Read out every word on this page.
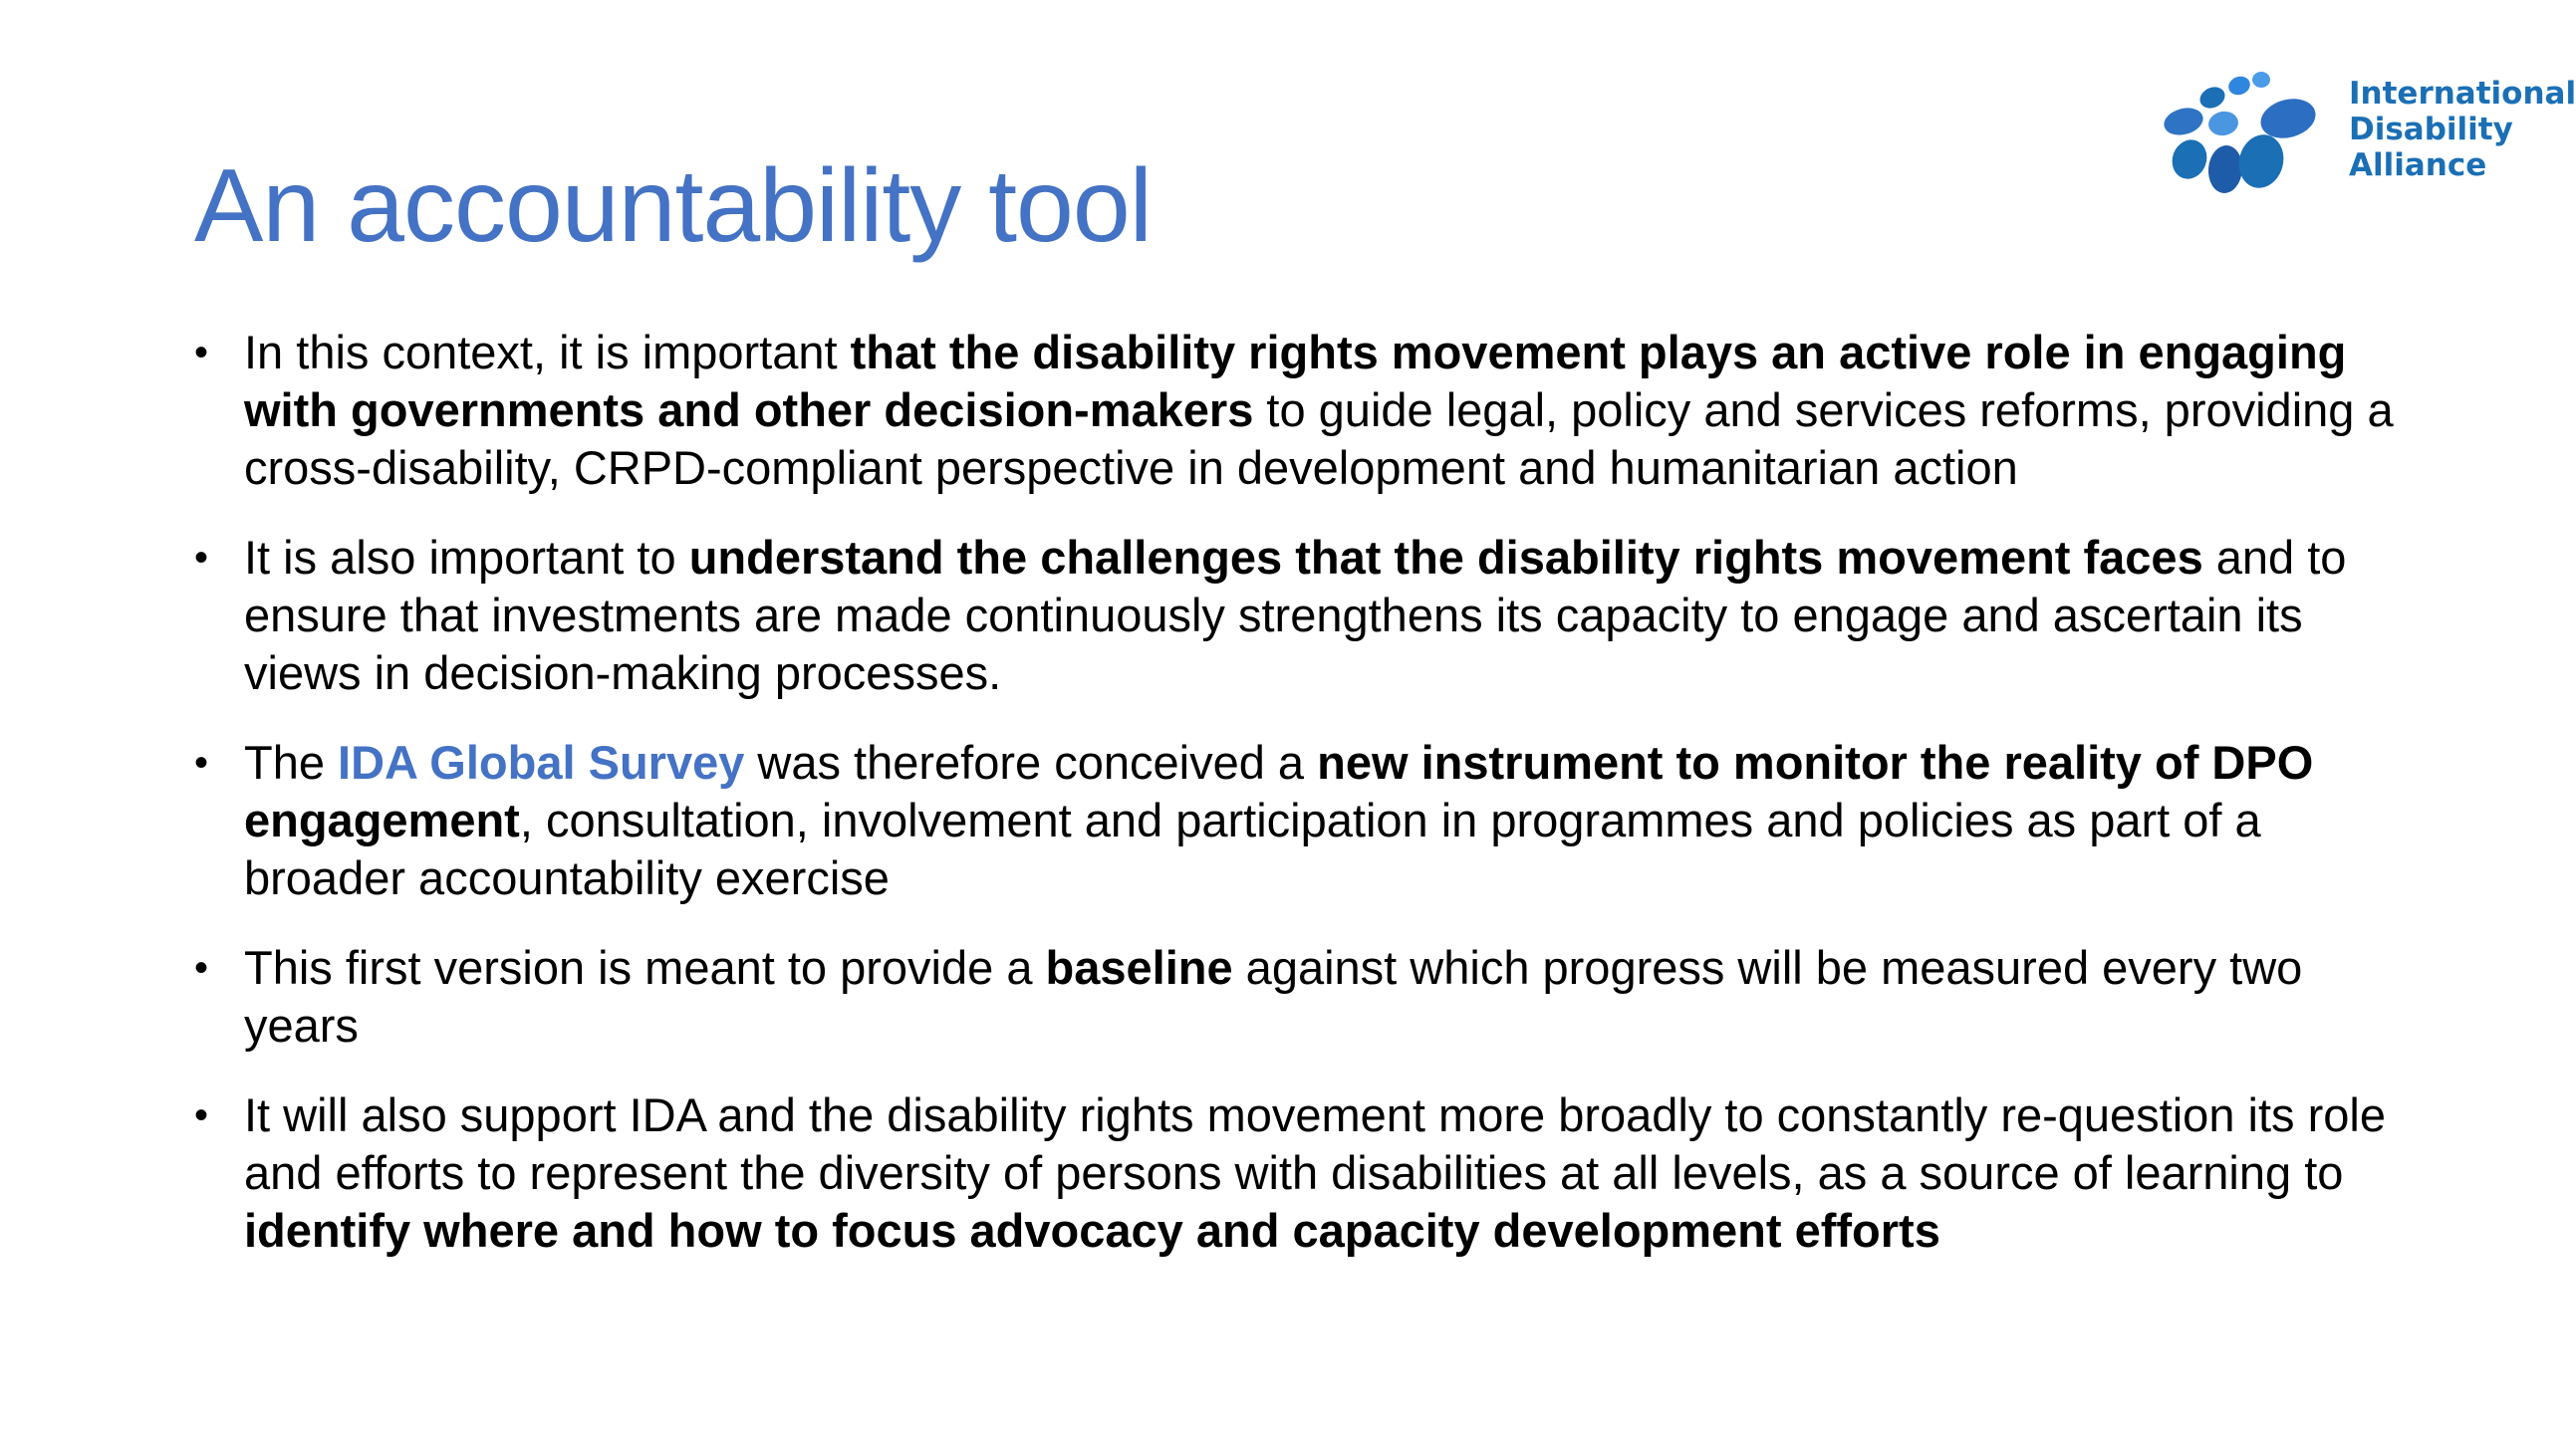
An accountability tool
International
Disability
Alliance
• In this context, it is important that the disability rights movement plays an active role in engaging with governments and other decision-makers to guide legal, policy and services reforms, providing a cross-disability, CRPD-compliant perspective in development and humanitarian action
• It is also important to understand the challenges that the disability rights movement faces and to ensure that investments are made continuously strengthens its capacity to engage and ascertain its views in decision-making processes.
• The IDA Global Survey was therefore conceived a new instrument to monitor the reality of DPO engagement, consultation, involvement and participation in programmes and policies as part of a broader accountability exercise
• This first version is meant to provide a baseline against which progress will be measured every two years
• It will also support IDA and the disability rights movement more broadly to constantly re-question its role and efforts to represent the diversity of persons with disabilities at all levels, as a source of learning to identify where and how to focus advocacy and capacity development efforts
